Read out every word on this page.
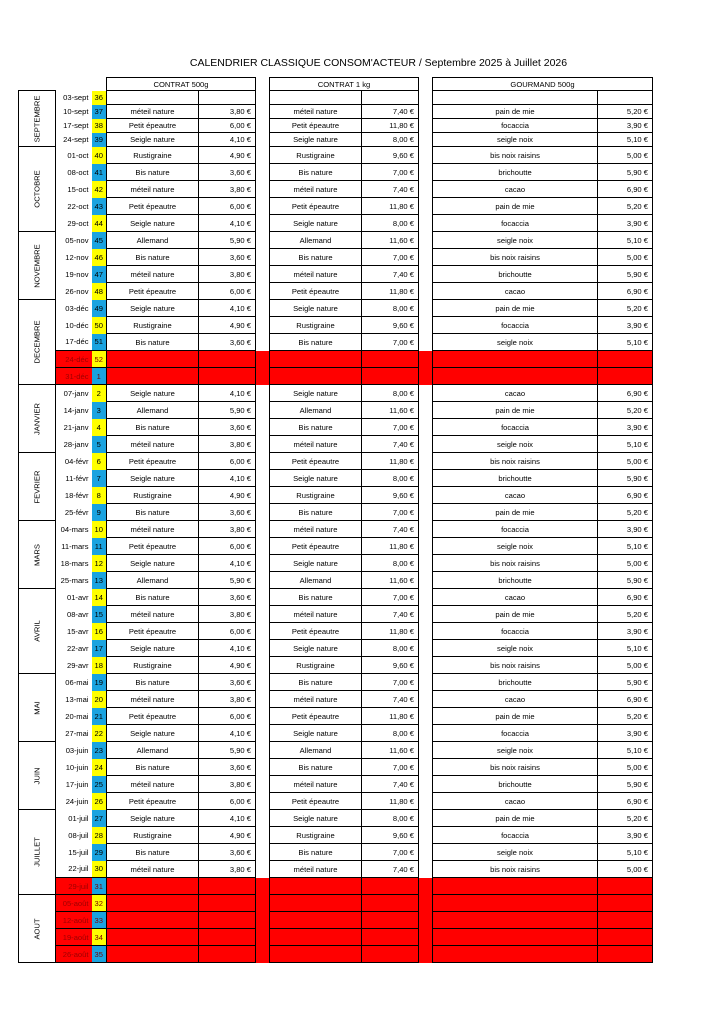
CALENDRIER CLASSIQUE CONSOM'ACTEUR / Septembre 2025 à Juillet 2026
			CONTRAT 500g			CONTRAT 1 kg			GOURMAND 500g	

SEPTEMBRE	03-sept	36								
	10-sept	37	méteil nature	3,80 €		méteil nature	7,40 €		pain de mie	5,20 €
	17-sept	38	Petit épeautre	6,00 €		Petit épeautre	11,80 €		focaccia	3,90 €
	24-sept	39	Seigle nature	4,10 €		Seigle nature	8,00 €		seigle noix	5,10 €

OCTOBRE	01-oct	40	Rustigraine	4,90 €		Rustigraine	9,60 €		bis noix raisins	5,00 €
	08-oct	41	Bis nature	3,60 €		Bis nature	7,00 €		brichoutte	5,90 €
	15-oct	42	méteil nature	3,80 €		méteil nature	7,40 €		cacao	6,90 €
	22-oct	43	Petit épeautre	6,00 €		Petit épeautre	11,80 €		pain de mie	5,20 €
	29-oct	44	Seigle nature	4,10 €		Seigle nature	8,00 €		focaccia	3,90 €

NOVEMBRE	05-nov	45	Allemand	5,90 €		Allemand	11,60 €		seigle noix	5,10 €
	12-nov	46	Bis nature	3,60 €		Bis nature	7,00 €		bis noix raisins	5,00 €
	19-nov	47	méteil nature	3,80 €		méteil nature	7,40 €		brichoutte	5,90 €
	26-nov	48	Petit épeautre	6,00 €		Petit épeautre	11,80 €		cacao	6,90 €

DECEMBRE	03-déc	49	Seigle nature	4,10 €		Seigle nature	8,00 €		pain de mie	5,20 €
	10-déc	50	Rustigraine	4,90 €		Rustigraine	9,60 €		focaccia	3,90 €
	17-déc	51	Bis nature	3,60 €		Bis nature	7,00 €		seigle noix	5,10 €
	24-déc	52								
	31-déc	1								

JANVIER	07-janv	2	Seigle nature	4,10 €		Seigle nature	8,00 €		cacao	6,90 €
	14-janv	3	Allemand	5,90 €		Allemand	11,60 €		pain de mie	5,20 €
	21-janv	4	Bis nature	3,60 €		Bis nature	7,00 €		focaccia	3,90 €
	28-janv	5	méteil nature	3,80 €		méteil nature	7,40 €		seigle noix	5,10 €

FEVRIER	04-févr	6	Petit épeautre	6,00 €		Petit épeautre	11,80 €		bis noix raisins	5,00 €
	11-févr	7	Seigle nature	4,10 €		Seigle nature	8,00 €		brichoutte	5,90 €
	18-févr	8	Rustigraine	4,90 €		Rustigraine	9,60 €		cacao	6,90 €
	25-févr	9	Bis nature	3,60 €		Bis nature	7,00 €		pain de mie	5,20 €

MARS	04-mars	10	méteil nature	3,80 €		méteil nature	7,40 €		focaccia	3,90 €
	11-mars	11	Petit épeautre	6,00 €		Petit épeautre	11,80 €		seigle noix	5,10 €
	18-mars	12	Seigle nature	4,10 €		Seigle nature	8,00 €		bis noix raisins	5,00 €
	25-mars	13	Allemand	5,90 €		Allemand	11,60 €		brichoutte	5,90 €

AVRIL	01-avr	14	Bis nature	3,60 €		Bis nature	7,00 €		cacao	6,90 €
	08-avr	15	méteil nature	3,80 €		méteil nature	7,40 €		pain de mie	5,20 €
	15-avr	16	Petit épeautre	6,00 €		Petit épeautre	11,80 €		focaccia	3,90 €
	22-avr	17	Seigle nature	4,10 €		Seigle nature	8,00 €		seigle noix	5,10 €
	29-avr	18	Rustigraine	4,90 €		Rustigraine	9,60 €		bis noix raisins	5,00 €

MAI	06-mai	19	Bis nature	3,60 €		Bis nature	7,00 €		brichoutte	5,90 €
	13-mai	20	méteil nature	3,80 €		méteil nature	7,40 €		cacao	6,90 €
	20-mai	21	Petit épeautre	6,00 €		Petit épeautre	11,80 €		pain de mie	5,20 €
	27-mai	22	Seigle nature	4,10 €		Seigle nature	8,00 €		focaccia	3,90 €

JUIN	03-juin	23	Allemand	5,90 €		Allemand	11,60 €		seigle noix	5,10 €
	10-juin	24	Bis nature	3,60 €		Bis nature	7,00 €		bis noix raisins	5,00 €
	17-juin	25	méteil nature	3,80 €		méteil nature	7,40 €		brichoutte	5,90 €
	24-juin	26	Petit épeautre	6,00 €		Petit épeautre	11,80 €		cacao	6,90 €

JUILLET	01-juil	27	Seigle nature	4,10 €		Seigle nature	8,00 €		pain de mie	5,20 €
	08-juil	28	Rustigraine	4,90 €		Rustigraine	9,60 €		focaccia	3,90 €
	15-juil	29	Bis nature	3,60 €		Bis nature	7,00 €		seigle noix	5,10 €
	22-juil	30	méteil nature	3,80 €		méteil nature	7,40 €		bis noix raisins	5,00 €
	29-juil	31								

AOUT	05-août	32								
	12-août	33								
	19-août	34								
	26-août	35								
